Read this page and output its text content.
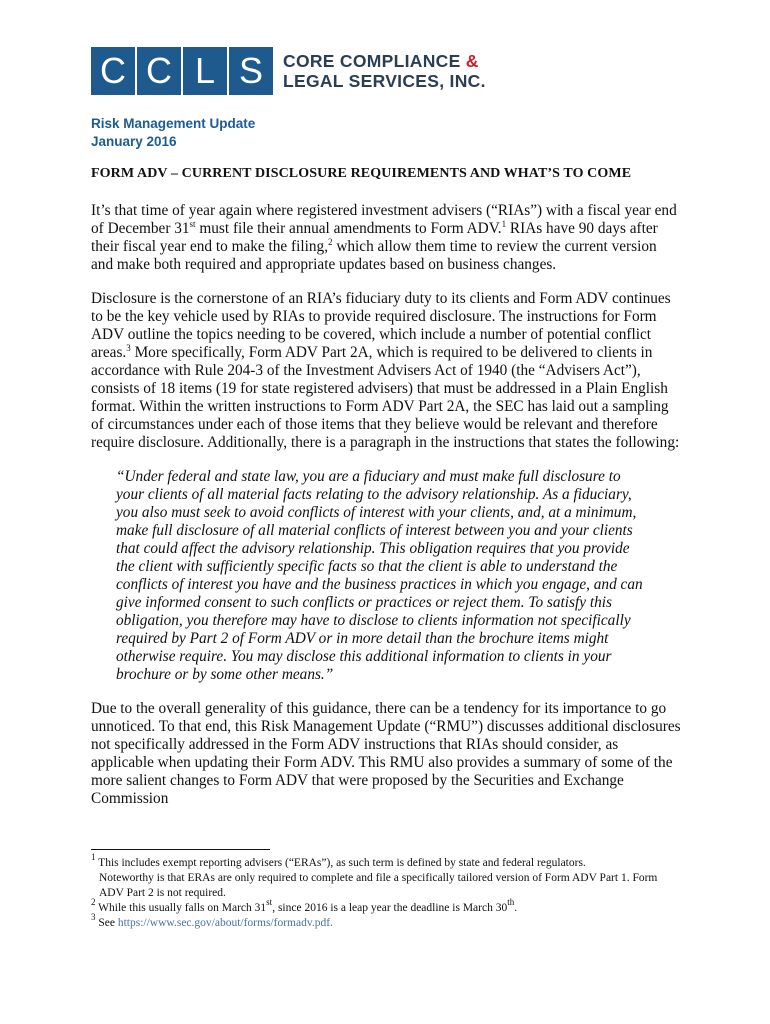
C C L S	CORE COMPLIANCE &
LEGAL SERVICES, INC.
Risk Management Update
January 2016
FORM ADV – CURRENT DISCLOSURE REQUIREMENTS AND WHAT’S TO COME

It’s that time of year again where registered investment advisers (“RIAs”) with a fiscal year end of December 31st must file their annual amendments to Form ADV.$^1$ RIAs have 90 days after their fiscal year end to make the filing,$^2$ which allow them time to review the current version and make both required and appropriate updates based on business changes.

Disclosure is the cornerstone of an RIA’s fiduciary duty to its clients and Form ADV continues to be the key vehicle used by RIAs to provide required disclosure. The instructions for Form ADV outline the topics needing to be covered, which include a number of potential conflict areas.$^3$ More specifically, Form ADV Part 2A, which is required to be delivered to clients in accordance with Rule 204-3 of the Investment Advisers Act of 1940 (the “Advisers Act”), consists of 18 items (19 for state registered advisers) that must be addressed in a Plain English format. Within the written instructions to Form ADV Part 2A, the SEC has laid out a sampling of circumstances under each of those items that they believe would be relevant and therefore require disclosure. Additionally, there is a paragraph in the instructions that states the following:

“Under federal and state law, you are a fiduciary and must make full disclosure to your clients of all material facts relating to the advisory relationship. As a fiduciary, you also must seek to avoid conflicts of interest with your clients, and, at a minimum, make full disclosure of all material conflicts of interest between you and your clients that could affect the advisory relationship. This obligation requires that you provide the client with sufficiently specific facts so that the client is able to understand the conflicts of interest you have and the business practices in which you engage, and can give informed consent to such conflicts or practices or reject them. To satisfy this obligation, you therefore may have to disclose to clients information not specifically required by Part 2 of Form ADV or in more detail than the brochure items might otherwise require. You may disclose this additional information to clients in your brochure or by some other means.”

Due to the overall generality of this guidance, there can be a tendency for its importance to go unnoticed. To that end, this Risk Management Update (“RMU”) discusses additional disclosures not specifically addressed in the Form ADV instructions that RIAs should consider, as applicable when updating their Form ADV. This RMU also provides a summary of some of the more salient changes to Form ADV that were proposed by the Securities and Exchange Commission

$^1$ This includes exempt reporting advisers (“ERAs”), as such term is defined by state and federal regulators.

Noteworthy is that ERAs are only required to complete and file a specifically tailored version of Form ADV Part 1. Form ADV Part 2 is not required.

$^2$ While this usually falls on March 31st, since 2016 is a leap year the deadline is March 30th.

$^3$ See https://www.sec.gov/about/forms/formadv.pdf.
